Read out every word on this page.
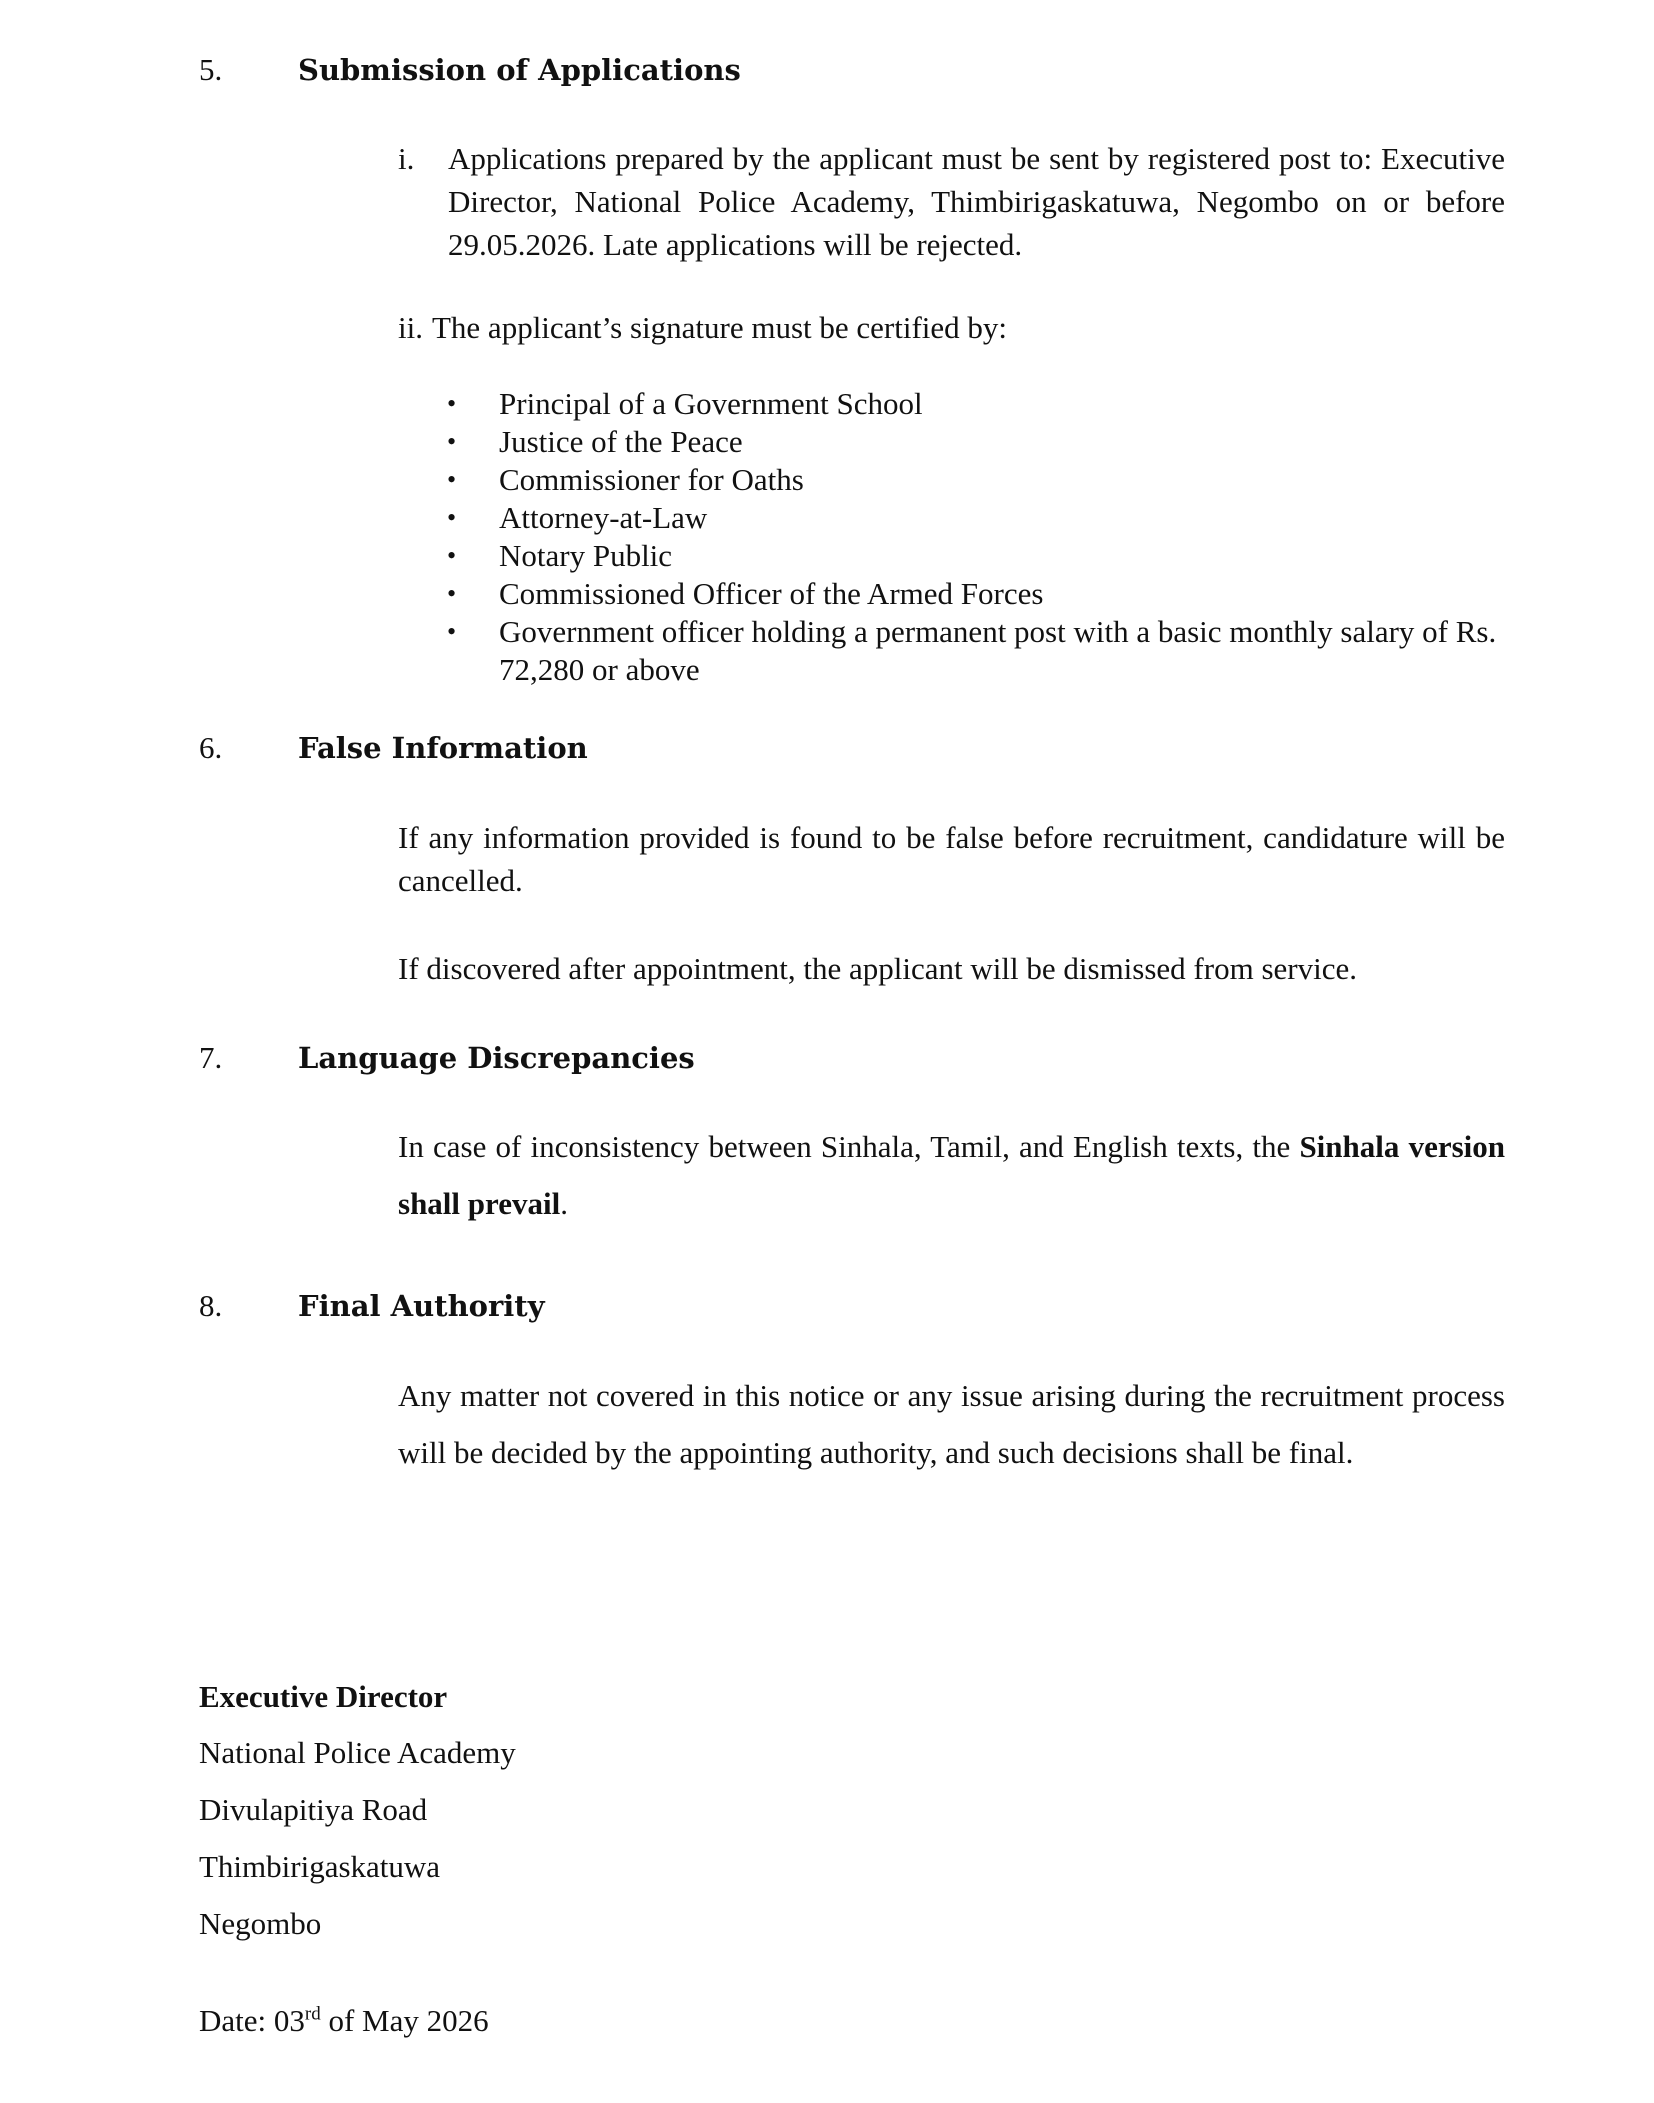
5.	Submission of Applications
i.	Applications prepared by the applicant must be sent by registered post to: Executive Director, National Police Academy, Thimbirigaskatuwa, Negombo on or before 29.05.2026. Late applications will be rejected.
ii. The applicant’s signature must be certified by:
• Principal of a Government School
• Justice of the Peace
• Commissioner for Oaths
• Attorney-at-Law
• Notary Public
• Commissioned Officer of the Armed Forces
• Government officer holding a permanent post with a basic monthly salary of Rs. 72,280 or above
6.	False Information
If any information provided is found to be false before recruitment, candidature will be cancelled.
If discovered after appointment, the applicant will be dismissed from service.
7.	Language Discrepancies
In case of inconsistency between Sinhala, Tamil, and English texts, the Sinhala version shall prevail.
8.	Final Authority
Any matter not covered in this notice or any issue arising during the recruitment process will be decided by the appointing authority, and such decisions shall be final.
Executive Director
National Police Academy
Divulapitiya Road
Thimbirigaskatuwa
Negombo
Date: 03rd of May 2026
